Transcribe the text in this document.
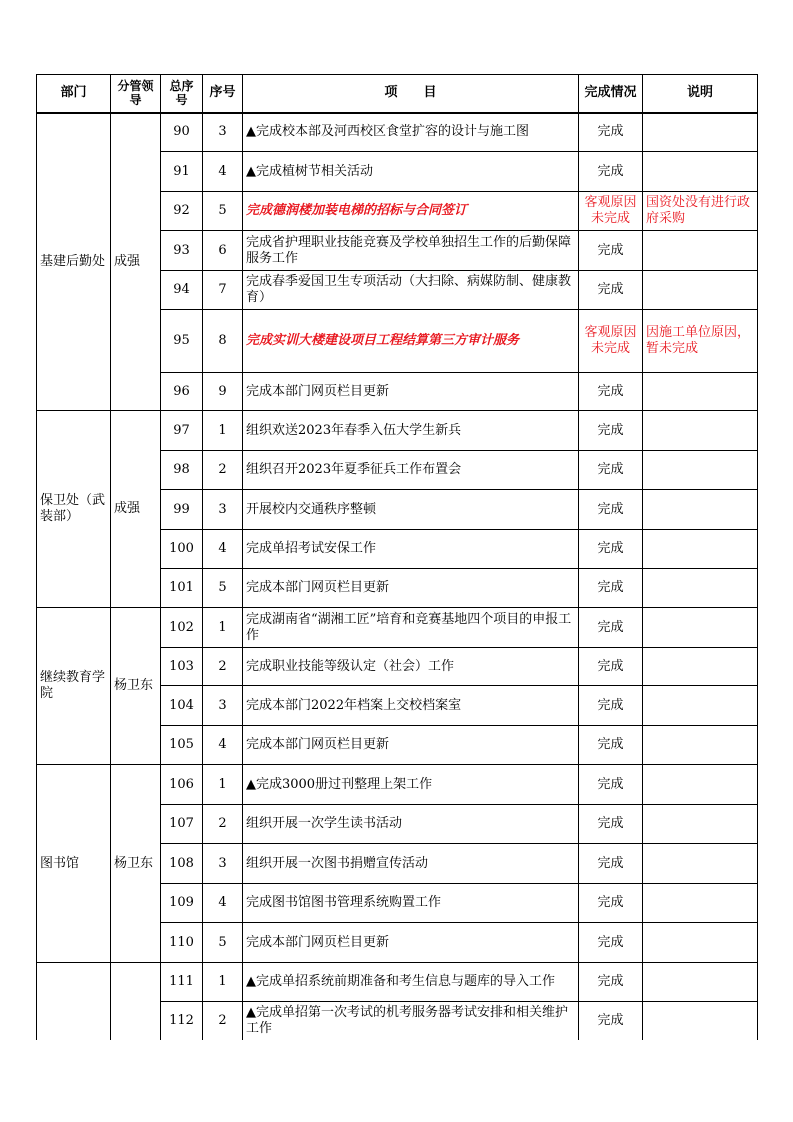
部门	分管领导	总序号	序号	项　　目	完成情况	说明
基建后勤处	成强	90	3	▲完成校本部及河西校区食堂扩容的设计与施工图	完成	
		91	4	▲完成植树节相关活动	完成	
		92	5	完成德润楼加装电梯的招标与合同签订	客观原因未完成	国资处没有进行政府采购
		93	6	完成省护理职业技能竞赛及学校单独招生工作的后勤保障服务工作	完成	
		94	7	完成春季爱国卫生专项活动（大扫除、病媒防制、健康教育）	完成	
		95	8	完成实训大楼建设项目工程结算第三方审计服务	客观原因未完成	因施工单位原因，暂未完成
		96	9	完成本部门网页栏目更新	完成	
保卫处（武装部）	成强	97	1	组织欢送2023年春季入伍大学生新兵	完成	
		98	2	组织召开2023年夏季征兵工作布置会	完成	
		99	3	开展校内交通秩序整顿	完成	
		100	4	完成单招考试安保工作	完成	
		101	5	完成本部门网页栏目更新	完成	
继续教育学院	杨卫东	102	1	完成湖南省“湖湘工匠”培育和竞赛基地四个项目的申报工作	完成	
		103	2	完成职业技能等级认定（社会）工作	完成	
		104	3	完成本部门2022年档案上交校档案室	完成	
		105	4	完成本部门网页栏目更新	完成	
图书馆	杨卫东	106	1	▲完成3000册过刊整理上架工作	完成	
		107	2	组织开展一次学生读书活动	完成	
		108	3	组织开展一次图书捐赠宣传活动	完成	
		109	4	完成图书馆图书管理系统购置工作	完成	
		110	5	完成本部门网页栏目更新	完成	
		111	1	▲完成单招系统前期准备和考生信息与题库的导入工作	完成	
		112	2	▲完成单招第一次考试的机考服务器考试安排和相关维护工作	完成	
